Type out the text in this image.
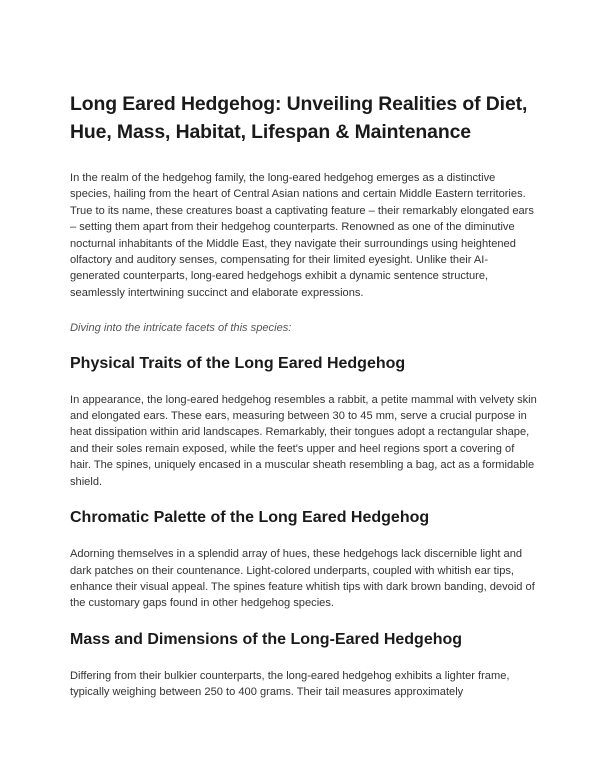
Long Eared Hedgehog: Unveiling Realities of Diet, Hue, Mass, Habitat, Lifespan & Maintenance

In the realm of the hedgehog family, the long-eared hedgehog emerges as a distinctive species, hailing from the heart of Central Asian nations and certain Middle Eastern territories. True to its name, these creatures boast a captivating feature – their remarkably elongated ears – setting them apart from their hedgehog counterparts. Renowned as one of the diminutive nocturnal inhabitants of the Middle East, they navigate their surroundings using heightened olfactory and auditory senses, compensating for their limited eyesight. Unlike their AI-generated counterparts, long-eared hedgehogs exhibit a dynamic sentence structure, seamlessly intertwining succinct and elaborate expressions.

Diving into the intricate facets of this species:

Physical Traits of the Long Eared Hedgehog

In appearance, the long-eared hedgehog resembles a rabbit, a petite mammal with velvety skin and elongated ears. These ears, measuring between 30 to 45 mm, serve a crucial purpose in heat dissipation within arid landscapes. Remarkably, their tongues adopt a rectangular shape, and their soles remain exposed, while the feet's upper and heel regions sport a covering of hair. The spines, uniquely encased in a muscular sheath resembling a bag, act as a formidable shield.

Chromatic Palette of the Long Eared Hedgehog

Adorning themselves in a splendid array of hues, these hedgehogs lack discernible light and dark patches on their countenance. Light-colored underparts, coupled with whitish ear tips, enhance their visual appeal. The spines feature whitish tips with dark brown banding, devoid of the customary gaps found in other hedgehog species.

Mass and Dimensions of the Long-Eared Hedgehog

Differing from their bulkier counterparts, the long-eared hedgehog exhibits a lighter frame, typically weighing between 250 to 400 grams. Their tail measures approximately
